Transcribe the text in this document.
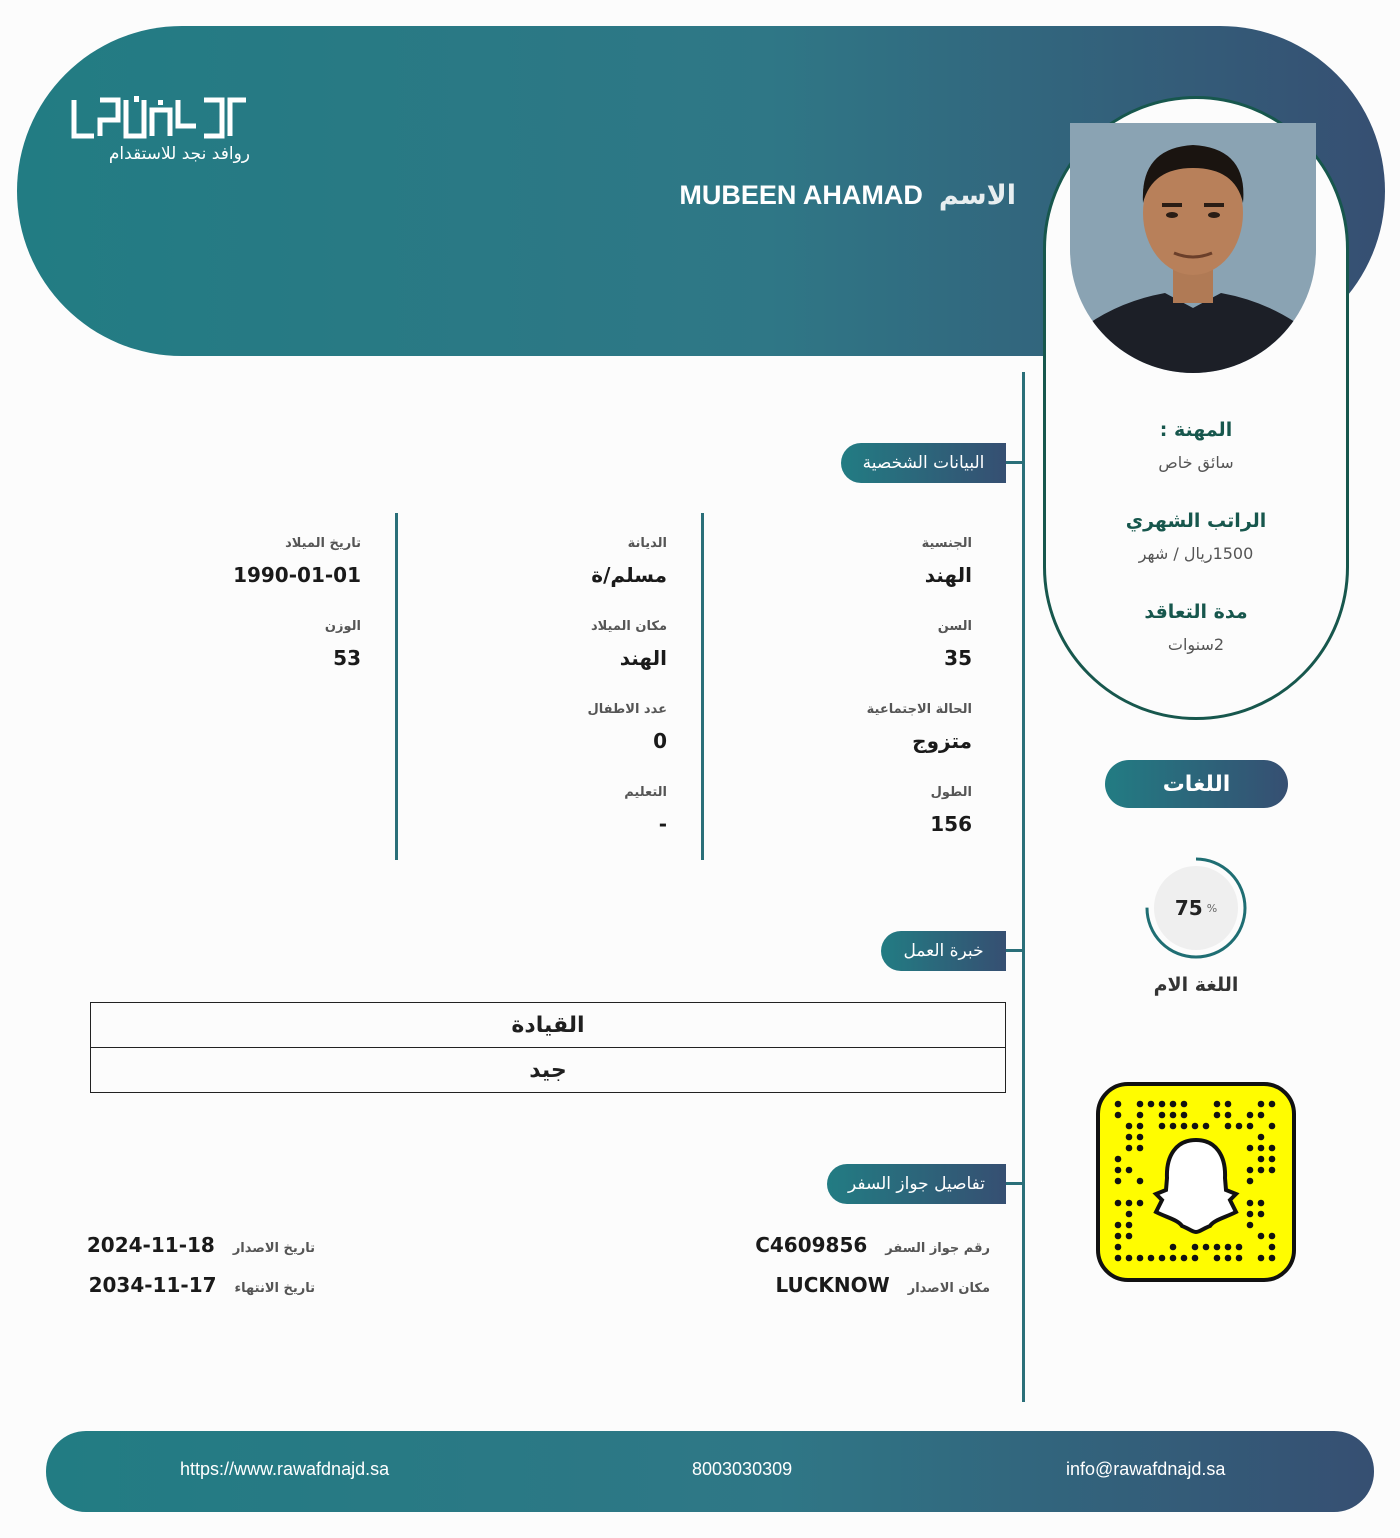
روافد نجد للاستقدام
الاسم
MUBEEN AHAMAD
المهنة :
سائق خاص
الراتب الشهري
1500ريال / شهر
مدة التعاقد
2سنوات
اللغات
75 %
اللغة الام
البيانات الشخصية
الجنسية
الهند
السن
35
الحالة الاجتماعية
متزوج
الطول
156
الديانة
مسلم/ة
مكان الميلاد
الهند
عدد الاطفال
0
التعليم
-
تاريخ الميلاد
1990-01-01
الوزن
53
خبرة العمل
القيادة
جيد
تفاصيل جواز السفر
رقم جواز السفر
C4609856
مكان الاصدار
LUCKNOW
تاريخ الاصدار
2024-11-18
تاريخ الانتهاء
2034-11-17
https://www.rawafdnajd.sa	8003030309	info@rawafdnajd.sa
